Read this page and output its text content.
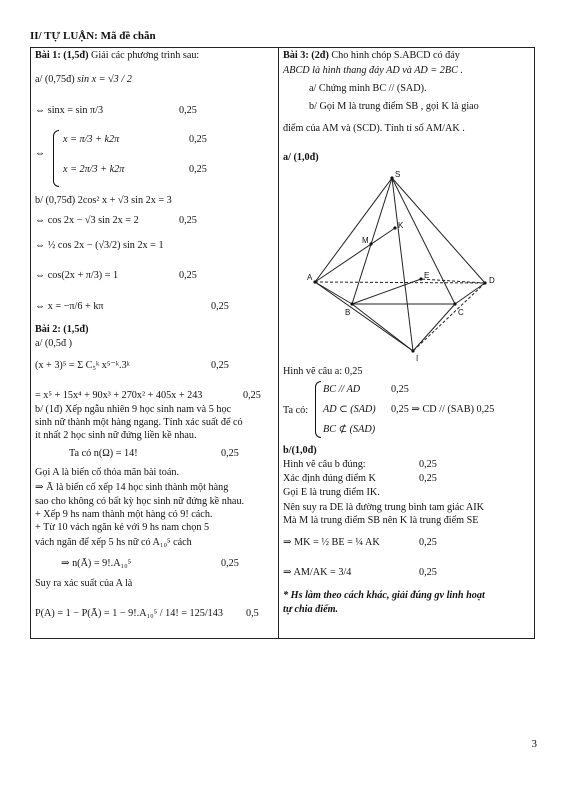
II/ TỰ LUẬN: Mã đề chẵn
Bài 1: (1,5đ) Giải các phương trình sau:
a/ (0,75đ) sin x = √3 / 2
⇔ sinx = sin π/3	0,25
⇔
x = π/3 + k2π	0,25
x = 2π/3 + k2π	0,25
b/ (0,75đ) 2cos² x + √3 sin 2x = 3
⇔ cos 2x − √3 sin 2x = 2	0,25
⇔ ½ cos 2x − (√3/2) sin 2x = 1
⇔ cos(2x + π/3) = 1	0,25
⇔ x = −π/6 + kπ	0,25
Bài 2: (1,5đ)
a/ (0,5đ )
(x + 3)⁵ = Σ C₅ᵏ x⁵⁻ᵏ.3ᵏ	0,25
= x⁵ + 15x⁴ + 90x³ + 270x² + 405x + 243	0,25
b/ (1đ) Xếp ngẫu nhiên 9 học sinh nam và 5 học
sinh nữ thành một hàng ngang. Tính xác suất để có
ít nhất 2 học sinh nữ đứng liền kề nhau.
Ta có n(Ω) = 14!	0,25
Gọi A là biến cố thỏa mãn bài toán.
⇒ Ā là biến cố xếp 14 học sinh thành một hàng
sao cho không có bất kỳ học sinh nữ đứng kề nhau.
+ Xếp 9 hs nam thành một hàng có 9! cách.
+ Từ 10 vách ngăn kẻ với 9 hs nam chọn 5
vách ngăn để xếp 5 hs nữ có A₁₀⁵ cách
⇒ n(Ā) = 9!.A₁₀⁵	0,25
Suy ra xác suất của A là
P(A) = 1 − P(Ā) = 1 − 9!.A₁₀⁵ / 14! = 125/143 0,5
Bài 3: (2đ) Cho hình chóp S.ABCD có đáy
ABCD là hình thang đáy AD và AD = 2BC .
a/ Chứng minh BC // (SAD).
b/ Gọi M là trung điểm SB , gọi K là giao
điểm của AM và (SCD). Tính tỉ số AM/AK .
a/ (1,0đ)
S
A
B	C
D
M
K
E
I
Hình vẽ câu a: 0,25
Ta có:
BC // AD	0,25
AD ⊂ (SAD) 0,25 ⇒ CD // (SAB) 0,25
BC ⊄ (SAD)
b/(1,0đ)
Hình vẽ câu b đúng:	0,25
Xác định đúng điểm K	0,25
Gọi E là trung điểm IK.
Nên suy ra DE là đường trung bình tam giác AIK
Mà M là trung điểm SB nên K là trung điểm SE
⇒ MK = ½ BE = ¼ AK	0,25
⇒ AM/AK = 3/4	0,25
* Hs làm theo cách khác, giải đúng gv linh hoạt
tự chia điểm.
3
